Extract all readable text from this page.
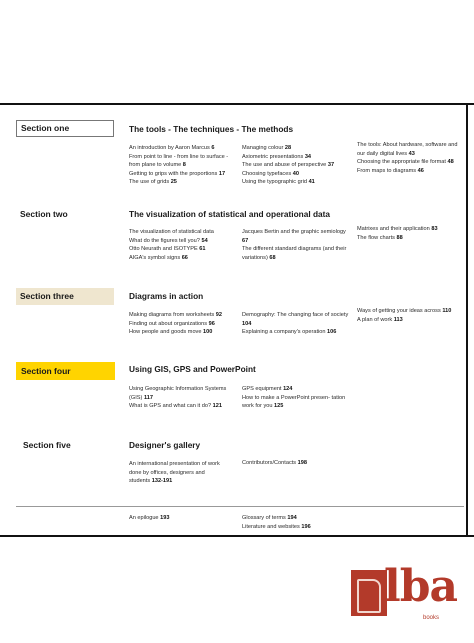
Section one	The tools - The techniques - The methods
An introduction by Aaron Marcus 6
From point to line - from line to surface - from plane to volume 8
Getting to grips with the proportions 17
The use of grids 25
Managing colour 28
Axiometric presentations 34
The use and abuse of perspective 37
Choosing typefaces 40
Using the typographic grid 41
The tools: About hardware, software and our daily digital lives 43
Choosing the appropriate file format 48
From maps to diagrams 46
Section two	The visualization of statistical and operational data
The visualization of statistical data
What do the figures tell you? 54
Otto Neurath and ISOTYPE 61
AIGA's symbol signs 66
Jacques Bertin and the graphic semiology 67
The different standard diagrams (and their variations) 68
Matrixes and their application 83
The flow charts 88
Section three	Diagrams in action
Making diagrams from worksheets 92
Finding out about organizations 96
How people and goods move 100
Demography: The changing face of society 104
Explaining a company's operation 106
Ways of getting your ideas across 110
A plan of work 113
Section four	Using GIS, GPS and PowerPoint
Using Geographic Information Systems (GIS) 117
What is GPS and what can it do? 121
GPS equipment 124
How to make a PowerPoint presen- tation work for you 125
Section five	Designer's gallery
An international presentation of work done by offices, designers and students 132-191
Contributors/Contacts 198
An epilogue 193	Glossary of terms 194
Literature and websites 196
lba
books
